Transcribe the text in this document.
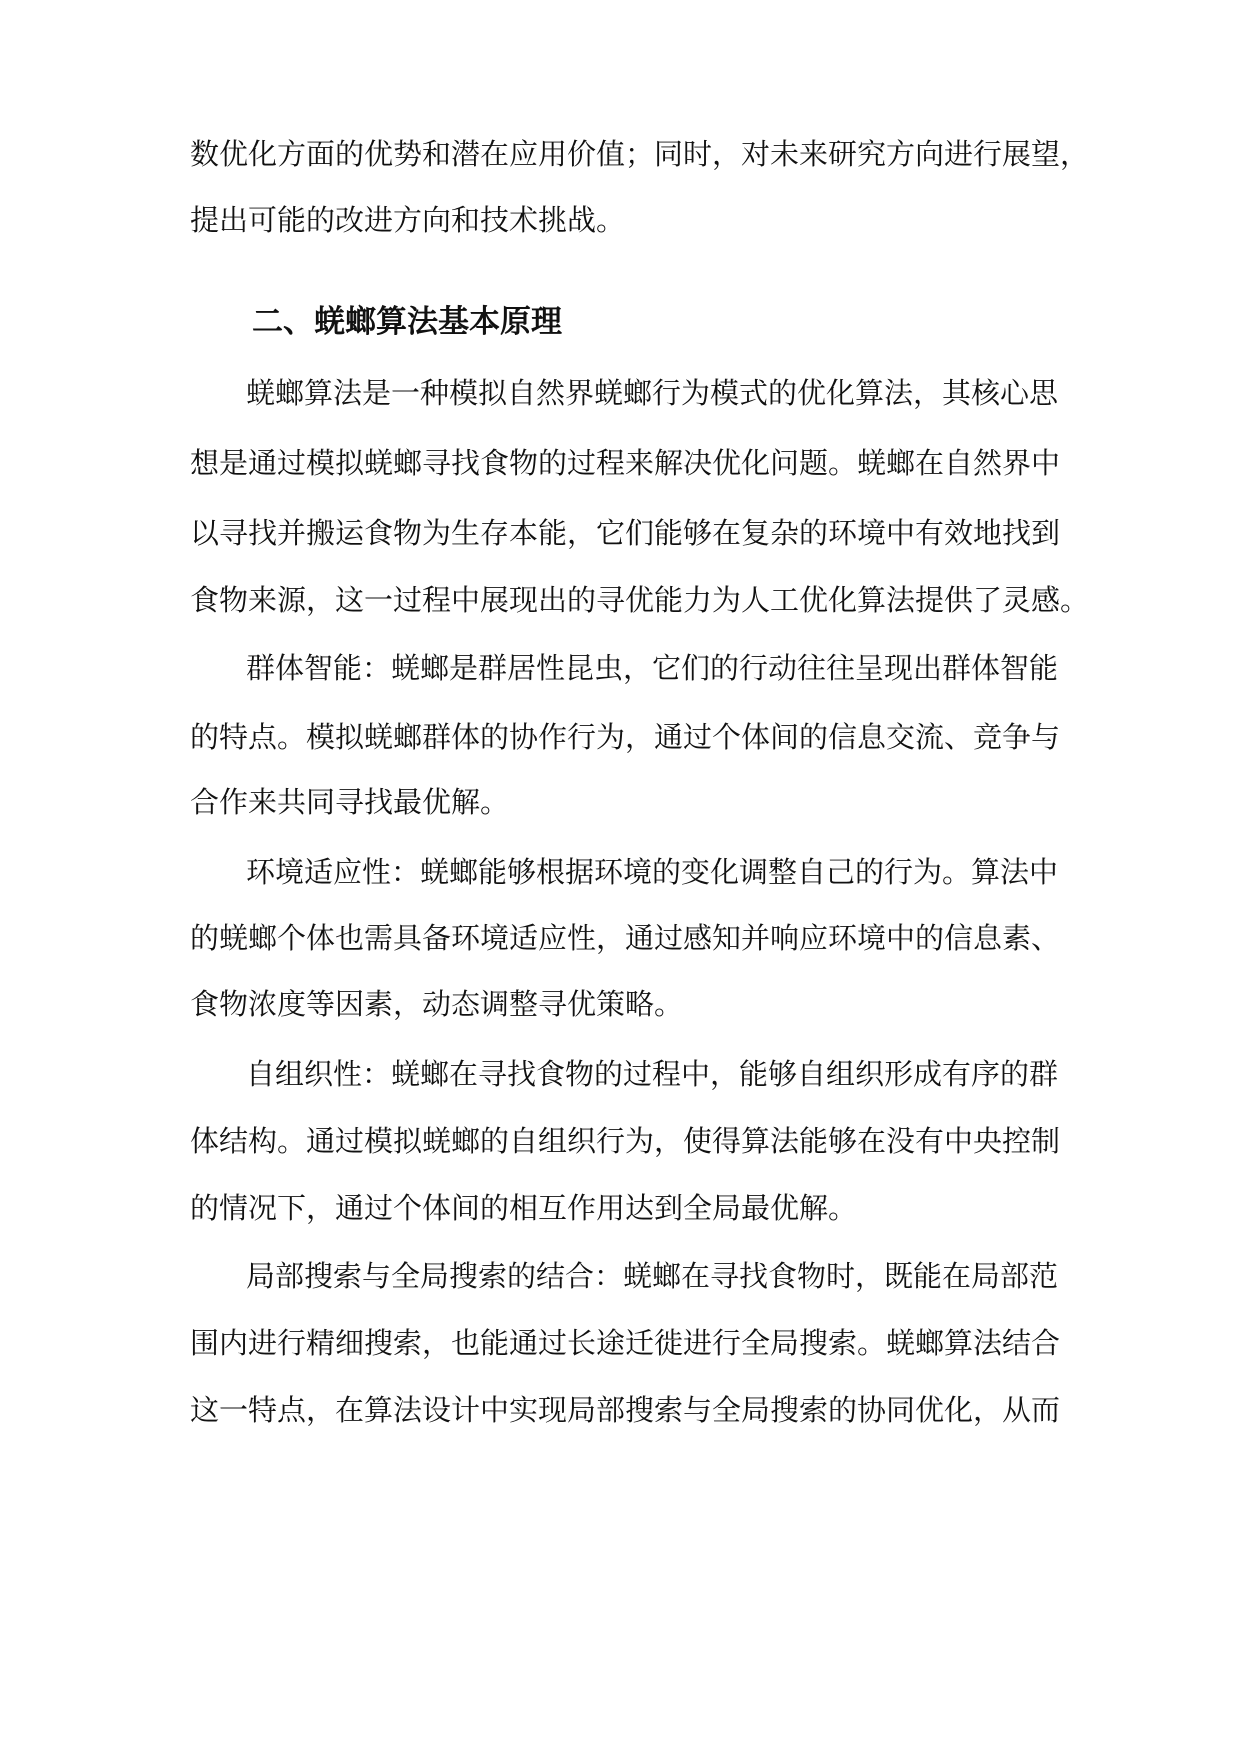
数优化方面的优势和潜在应用价值；同时，对未来研究方向进行展望，
提出可能的改进方向和技术挑战。
二、蜣螂算法基本原理
蜣螂算法是一种模拟自然界蜣螂行为模式的优化算法，其核心思
想是通过模拟蜣螂寻找食物的过程来解决优化问题。蜣螂在自然界中
以寻找并搬运食物为生存本能，它们能够在复杂的环境中有效地找到
食物来源，这一过程中展现出的寻优能力为人工优化算法提供了灵感。
群体智能：蜣螂是群居性昆虫，它们的行动往往呈现出群体智能
的特点。模拟蜣螂群体的协作行为，通过个体间的信息交流、竞争与
合作来共同寻找最优解。
环境适应性：蜣螂能够根据环境的变化调整自己的行为。算法中
的蜣螂个体也需具备环境适应性，通过感知并响应环境中的信息素、
食物浓度等因素，动态调整寻优策略。
自组织性：蜣螂在寻找食物的过程中，能够自组织形成有序的群
体结构。通过模拟蜣螂的自组织行为，使得算法能够在没有中央控制
的情况下，通过个体间的相互作用达到全局最优解。
局部搜索与全局搜索的结合：蜣螂在寻找食物时，既能在局部范
围内进行精细搜索，也能通过长途迁徙进行全局搜索。蜣螂算法结合
这一特点，在算法设计中实现局部搜索与全局搜索的协同优化，从而
